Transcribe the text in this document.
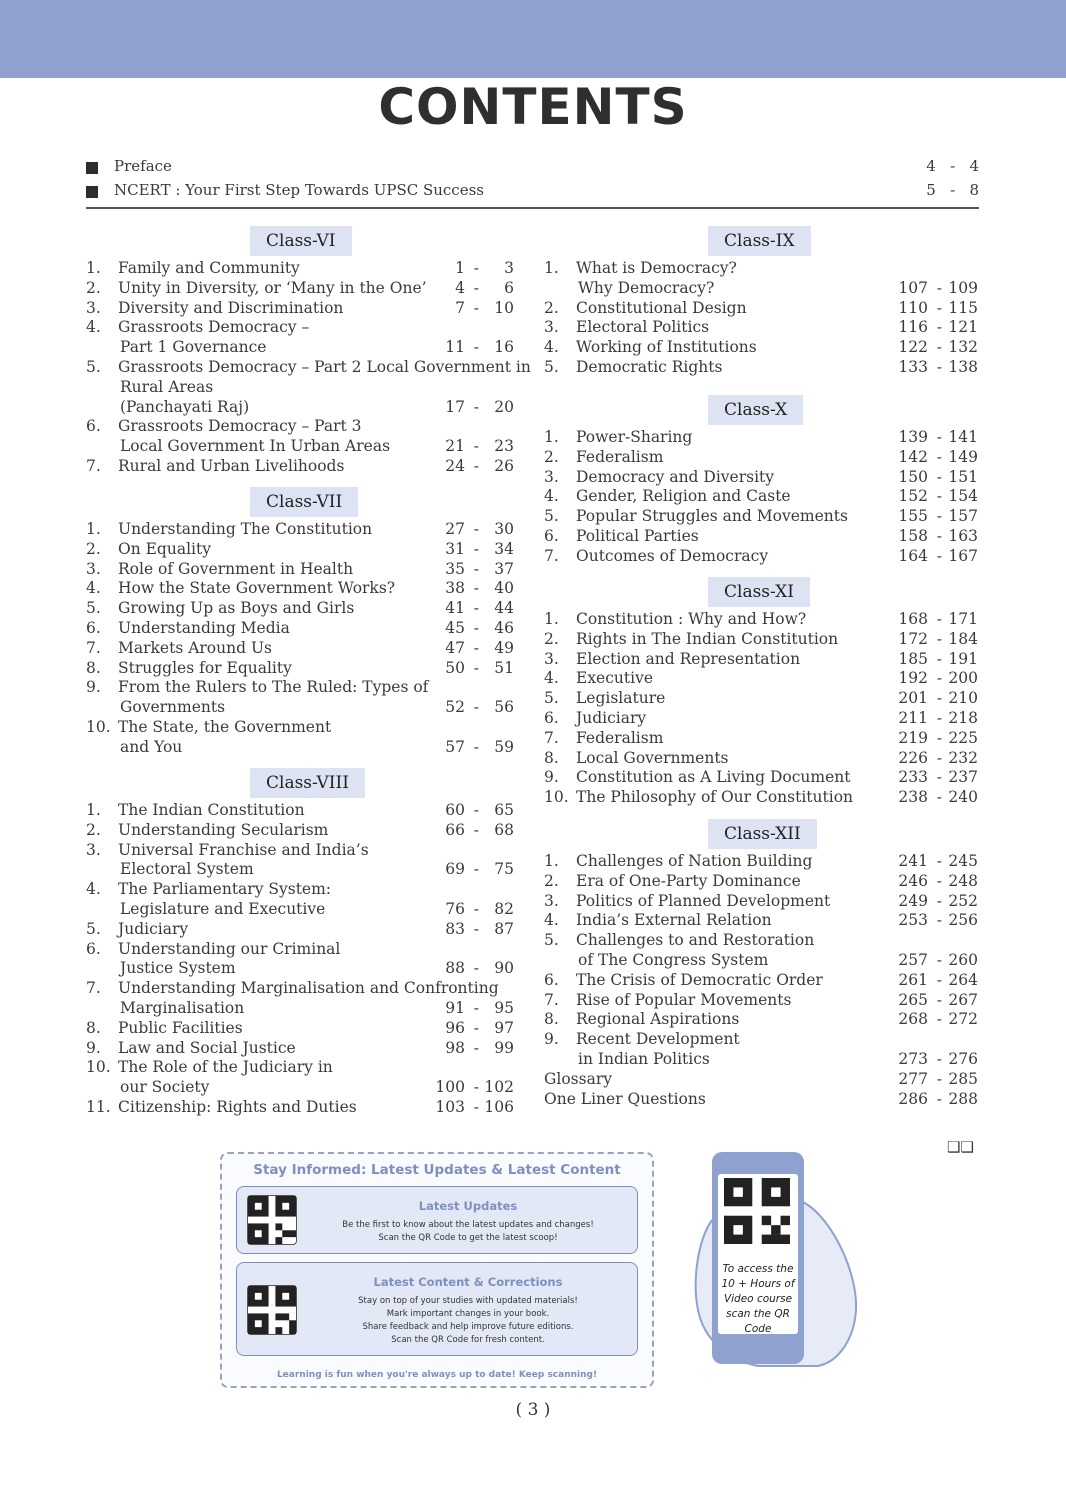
CONTENTS
Preface	4   -   4
NCERT : Your First Step Towards UPSC Success	5   -   8
Class-VI
1. Family and Community	1 -	3
2. Unity in Diversity, or ‘Many in the One’	4 -	6
3. Diversity and Discrimination	7 - 10
4. Grassroots Democracy –
Part 1 Governance	11 - 16
5. Grassroots Democracy – Part 2 Local Government in
Rural Areas
(Panchayati Raj)	17 - 20
6. Grassroots Democracy – Part 3
Local Government In Urban Areas	21 - 23
7. Rural and Urban Livelihoods	24 - 26
Class-VII
1. Understanding The Constitution	27 - 30
2. On Equality	31 - 34
3. Role of Government in Health	35 - 37
4. How the State Government Works?	38 - 40
5. Growing Up as Boys and Girls	41 - 44
6. Understanding Media	45 - 46
7. Markets Around Us	47 - 49
8. Struggles for Equality	50 - 51
9. From the Rulers to The Ruled: Types of
Governments	52 - 56
10. The State, the Government
and You	57 - 59
Class-VIII
1. The Indian Constitution	60 - 65
2. Understanding Secularism	66 - 68
3. Universal Franchise and India’s
Electoral System	69 - 75
4. The Parliamentary System:
Legislature and Executive	76 - 82
5. Judiciary	83 - 87
6. Understanding our Criminal
Justice System	88 - 90
7. Understanding Marginalisation and Confronting
Marginalisation	91 - 95
8. Public Facilities	96 - 97
9. Law and Social Justice	98 - 99
10. The Role of the Judiciary in
our Society	100 - 102
11. Citizenship: Rights and Duties	103 - 106
Class-IX
1. What is Democracy?
Why Democracy?	107 - 109
2. Constitutional Design	110 - 115
3. Electoral Politics	116 - 121
4. Working of Institutions	122 - 132
5. Democratic Rights	133 - 138
Class-X
1. Power-Sharing	139 - 141
2. Federalism	142 - 149
3. Democracy and Diversity	150 - 151
4. Gender, Religion and Caste	152 - 154
5. Popular Struggles and Movements	155 - 157
6. Political Parties	158 - 163
7. Outcomes of Democracy	164 - 167
Class-XI
1. Constitution : Why and How?	168 - 171
2. Rights in The Indian Constitution	172 - 184
3. Election and Representation	185 - 191
4. Executive	192 - 200
5. Legislature	201 - 210
6. Judiciary	211 - 218
7. Federalism	219 - 225
8. Local Governments	226 - 232
9. Constitution as A Living Document	233 - 237
10. The Philosophy of Our Constitution	238 - 240
Class-XII
1. Challenges of Nation Building	241 - 245
2. Era of One-Party Dominance	246 - 248
3. Politics of Planned Development	249 - 252
4. India’s External Relation	253 - 256
5. Challenges to and Restoration
of The Congress System	257 - 260
6. The Crisis of Democratic Order	261 - 264
7. Rise of Popular Movements	265 - 267
8. Regional Aspirations	268 - 272
9. Recent Development
in Indian Politics	273 - 276
Glossary	277 - 285
One Liner Questions	286 - 288
❑❑
Stay Informed: Latest Updates & Latest Content
Latest Updates
Be the first to know about the latest updates and changes!
Scan the QR Code to get the latest scoop!
Latest Content & Corrections
Stay on top of your studies with updated materials!
Mark important changes in your book.
Share feedback and help improve future editions.
Scan the QR Code for fresh content.
Learning is fun when you're always up to date! Keep scanning!
To access the
10 + Hours of
Video course
scan the QR
Code
( 3 )
